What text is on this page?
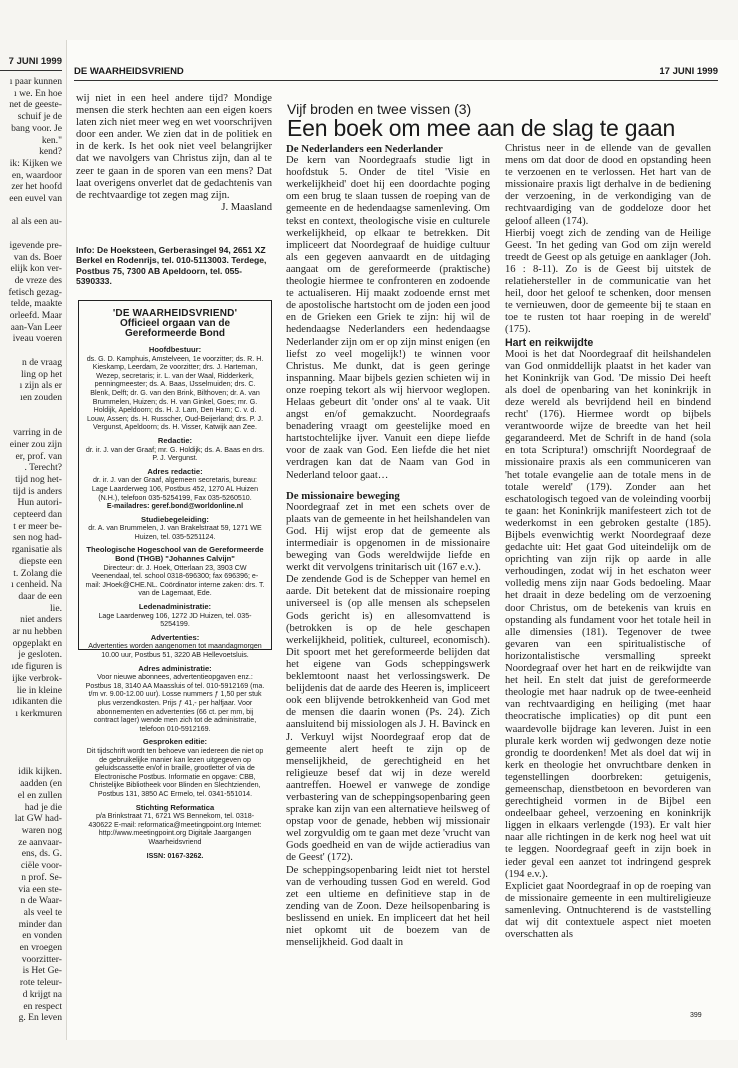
7 JUNI 1999
ı paar kunnen
ı we. En hoe
net de geeste-
schuif je de
bang voor. Je
ken."
kend?
ik: Kijken we
en, waardoor
zer het hoofd
een euvel van

al als een au-

igevende pre-
van ds. Boer
elijk kon ver-
de vreze des
fetisch gezag-
telde, maakte
orleefd. Maar
aan-Van Leer
iveau voeren

n de vraag
ling op het
ı zijn als er
ıen zouden

varring in de
einer zou zijn
er, prof. van
. Terecht?
tijd nog het-
tijd is anders
Hun autori-
cepteerd dan
t er meer be-
sen nog had-
rganisatie als
diepste een
t. Zolang die
ı cenheid. Na
daar de een
lie.
niet anders
ar nu hebben
opgeplakt en
je gesloten.
ıde figuren is
ijke verbrok-
lie in kleine
ıdikanten die
ı kerkmuren

idik kijken.
aadden (en
el en zullen
had je die
lat GW had-
waren nog
ze aanvaar-
ens, ds. G.
ciële voor-
n prof. Se-
via een ste-
n de Waar-
als veel te
minder dan
en vonden
en vroegen
voorzitter-
is Het Ge-
rote teleur-
d krijgt na
en respect
g. En leven
DE WAARHEIDSVRIEND	17 JUNI 1999

wij niet in een heel andere tijd? Mondige mensen die sterk hechten aan een eigen koers laten zich niet meer weg en wet voorschrijven door een ander. We zien dat in de politiek en in de kerk. Is het ook niet veel belangrijker dat we navolgers van Christus zijn, dan al te zeer te gaan in de sporen van een mens? Dat laat overigens onverlet dat de gedachtenis van de rechtvaardige tot zegen mag zijn.

J. Maasland

Info: De Hoeksteen, Gerberasingel 94, 2651 XZ Berkel en Rodenrijs, tel. 010-5113003. Terdege, Postbus 75, 7300 AB Apeldoorn, tel. 055-5390333.
'DE WAARHEIDSVRIEND'
Officieel orgaan van de
Gereformeerde Bond
Hoofdbestuur:
ds. G. D. Kamphuis, Amstelveen, 1e voorzitter; ds. R. H. Kieskamp, Leerdam, 2e voorzitter; drs. J. Harteman, Wezep, secretaris; ir. L. van der Waal, Ridderkerk, penningmeester; ds. A. Baas, IJsselmuiden; drs. C. Blenk, Delft; dr. G. van den Brink, Bilthoven; dr. A. van Brummelen, Huizen; ds. H. van Ginkel, Goes; mr. G. Holdijk, Apeldoorn; ds. H. J. Lam, Den Ham; C. v. d. Louw, Assen; ds. H. Russcher, Oud-Beijerland; drs. P. J. Vergunst, Apeldoorn; ds. H. Visser, Katwijk aan Zee.
Redactie:
dr. ir. J. van der Graaf; mr. G. Holdijk; ds. A. Baas en drs. P. J. Vergunst.
Adres redactie:
dr. ir. J. van der Graaf, algemeen secretaris, bureau: Lage Laarderweg 106, Postbus 452, 1270 AL Huizen (N.H.), telefoon 035-5254199, Fax 035-5260510.
E-mailadres: geref.bond@worldonline.nl
Studiebegeleiding:
dr. A. van Brummelen, J. van Brakelstraat 59, 1271 WE Huizen, tel. 035-5251124.
Theologische Hogeschool van de Gereformeerde Bond (THGB) "Johannes Calvijn"
Directeur: dr. J. Hoek, Otterlaan 23, 3903 CW Veenendaal, tel. school 0318-696300; fax 696396; e-mail: JHoek@CHE.NL. Coördinator interne zaken: drs. T. van de Lagemaat, Ede.
Ledenadministratie:
Lage Laarderweg 106, 1272 JD Huizen, tel. 035-5254199.
Advertenties:
Advertenties worden aangenomen tot maandagmorgen 10.00 uur, Postbus 51, 3220 AB Hellevoetsluis.
Adres administratie:
Voor nieuwe abonnees, advertentieopgaven enz.: Postbus 18, 3140 AA Maassluis of tel. 010-5912169 (ma. t/m vr. 9.00-12.00 uur). Losse nummers ƒ 1,50 per stuk plus verzendkosten. Prijs ƒ 41,- per halfjaar. Voor abonnementen en advertenties (66 ct. per mm, bij contract lager) wende men zich tot de administratie, telefoon 010-5912169.
Gesproken editie:
Dit tijdschrift wordt ten behoeve van iedereen die niet op de gebruikelijke manier kan lezen uitgegeven op geluidscassette en/of in braille, grootletter of via de Electronische Postbus. Informatie en opgave: CBB, Christelijke Bibliotheek voor Blinden en Slechtzienden, Postbus 131, 3850 AC Ermelo, tel. 0341-551014.
Stichting Reformatica
p/a Brinkstraat 71, 6721 WS Bennekom, tel. 0318-430622 E-mail: reformatica@meetingpoint.org Internet: http://www.meetingpoint.org Digitale Jaargangen Waarheidsvriend
ISSN: 0167-3262.
Vijf broden en twee vissen (3)
Een boek om mee aan de slag te gaan

De Nederlanders een Nederlander

De kern van Noordegraafs studie ligt in hoofdstuk 5. Onder de titel 'Visie en werkelijkheid' doet hij een doordachte poging om een brug te slaan tussen de roeping van de gemeente en de hedendaagse samenleving. Om tekst en context, theologische visie en culturele werkelijkheid, op elkaar te betrekken. Dit impliceert dat Noordegraaf de huidige cultuur als een gegeven aanvaardt en de uitdaging aangaat om de gereformeerde (praktische) theologie hiermee te confronteren en zodoende te actualiseren. Hij maakt zodoende ernst met de apostolische hartstocht om de joden een jood en de Grieken een Griek te zijn: hij wil de hedendaagse Nederlanders een hedendaagse Nederlander zijn om er op zijn minst enigen (en liefst zo veel mogelijk!) te winnen voor Christus. Me dunkt, dat is geen geringe inspanning. Maar bijbels gezien schieten wij in onze roeping tekort als wij hiervoor weglopen. Helaas gebeurt dit 'onder ons' al te vaak. Uit angst en/of gemakzucht. Noordegraafs benadering vraagt om geestelijke moed en hartstochtelijke ijver. Vanuit een diepe liefde voor de zaak van God. Een liefde die het niet verdragen kan dat de Naam van God in Nederland teloor gaat…

De missionaire beweging

Noordegraaf zet in met een schets over de plaats van de gemeente in het heilshandelen van God. Hij wijst erop dat de gemeente als intermediair is opgenomen in de missionaire beweging van Gods wereldwijde liefde en werkt dit vervolgens trinitarisch uit (167 e.v.).

De zendende God is de Schepper van hemel en aarde. Dit betekent dat de missionaire roeping universeel is (op alle mensen als schepselen Gods gericht is) en allesomvattend is (betrokken is op de hele geschapen werkelijkheid, politiek, cultureel, economisch). Dit spoort met het gereformeerde belijden dat het eigene van Gods scheppingswerk beklemtoont naast het verlossingswerk. De belijdenis dat de aarde des Heeren is, impliceert ook een blijvende betrokkenheid van God met de mensen die daarin wonen (Ps. 24). Zich aansluitend bij missiologen als J. H. Bavinck en J. Verkuyl wijst Noordegraaf erop dat de gemeente alert heeft te zijn op de menselijkheid, de gerechtigheid en het religieuze besef dat wij in deze wereld aantreffen. Hoewel er vanwege de zondige verbastering van de scheppingsopenbaring geen sprake kan zijn van een alternatieve heilsweg of opstap voor de genade, hebben wij missionair wel zorgvuldig om te gaan met deze 'vrucht van Gods goedheid en van de wijde actieradius van de Geest' (172).

De scheppingsopenbaring leidt niet tot herstel van de verhouding tussen God en wereld. God zet een ultieme en definitieve stap in de zending van de Zoon. Deze heilsopenbaring is beslissend en uniek. En impliceert dat het heil niet opkomt uit de boezem van de menselijkheid. God daalt in

Christus neer in de ellende van de gevallen mens om dat door de dood en opstanding heen te verzoenen en te verlossen. Het hart van de missionaire praxis ligt derhalve in de bediening der verzoening, in de verkondiging van de rechtvaardiging van de goddeloze door het geloof alleen (174).

Hierbij voegt zich de zending van de Heilige Geest. 'In het geding van God om zijn wereld treedt de Geest op als getuige en aanklager (Joh. 16 : 8-11). Zo is de Geest bij uitstek de relatiehersteller in de communicatie van het heil, door het geloof te schenken, door mensen te vernieuwen, door de gemeente bij te staan en toe te rusten tot haar roeping in de wereld' (175).

Hart en reikwijdte

Mooi is het dat Noordegraaf dit heilshandelen van God onmiddellijk plaatst in het kader van het Koninkrijk van God. 'De missio Dei heeft als doel de openbaring van het koninkrijk in deze wereld als bevrijdend heil en bindend recht' (176). Hiermee wordt op bijbels verantwoorde wijze de breedte van het heil gegarandeerd. Met de Schrift in de hand (sola en tota Scriptura!) omschrijft Noordegraaf de missionaire praxis als een communiceren van 'het totale evangelie aan de totale mens in de totale wereld' (179). Zonder aan het eschatologisch tegoed van de voleinding voorbij te gaan: het Koninkrijk manifesteert zich tot de wederkomst in een gebroken gestalte (185). Bijbels evenwichtig werkt Noordegraaf deze gedachte uit: Het gaat God uiteindelijk om de oprichting van zijn rijk op aarde in alle verhoudingen, zodat wij in het eschaton weer volledig mens zijn naar Gods bedoeling. Maar het draait in deze bedeling om de verzoening door Christus, om de betekenis van kruis en opstanding als fundament voor het totale heil in alle dimensies (181). Tegenover de twee gevaren van een spiritualistische of horizontalistische versmalling spreekt Noordegraaf over het hart en de reikwijdte van het heil. En stelt dat juist de gereformeerde theologie met haar nadruk op de twee-eenheid van rechtvaardiging en heiliging (met haar theocratische implicaties) op dit punt een waardevolle bijdrage kan leveren. Juist in een plurale kerk worden wij gedwongen deze notie grondig te doordenken! Met als doel dat wij in kerk en theologie het onvruchtbare denken in tegenstellingen doorbreken: getuigenis, gemeenschap, dienstbetoon en bevorderen van gerechtigheid vormen in de Bijbel een ondeelbaar geheel, verzoening en koninkrijk liggen in elkaars verlengde (193). Er valt hier naar alle richtingen in de kerk nog heel wat uit te leggen. Noordegraaf geeft in zijn boek in ieder geval een aanzet tot indringend gesprek (194 e.v.).

Expliciet gaat Noordegraaf in op de roeping van de missionaire gemeente in een multireligieuze samenleving. Ontnuchterend is de vaststelling dat wij dit contextuele aspect niet moeten overschatten als

399
